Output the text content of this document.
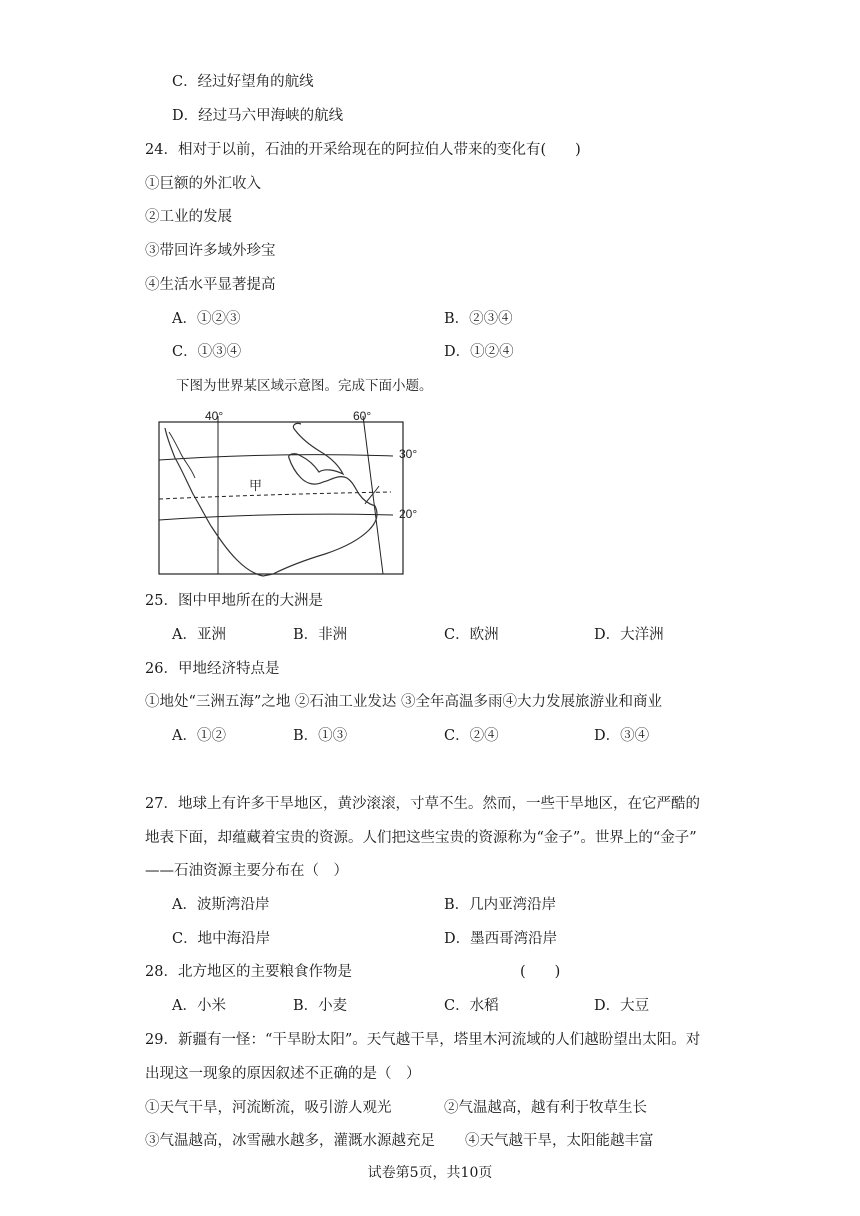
C．经过好望角的航线
D．经过马六甲海峡的航线
24．相对于以前，石油的开采给现在的阿拉伯人带来的变化有(　　)
①巨额的外汇收入
②工业的发展
③带回许多域外珍宝
④生活水平显著提高
A．①②③	B．②③④
C．①③④	D．①②④
下图为世界某区域示意图。完成下面小题。
40°	60°
30°
20°
甲
25．图中甲地所在的大洲是
A．亚洲	B．非洲	C．欧洲	D．大洋洲
26．甲地经济特点是
①地处“三洲五海”之地 ②石油工业发达 ③全年高温多雨④大力发展旅游业和商业
A．①②	B．①③	C．②④	D．③④
27．地球上有许多干旱地区，黄沙滚滚，寸草不生。然而，一些干旱地区，在它严酷的
地表下面，却蕴藏着宝贵的资源。人们把这些宝贵的资源称为“金子”。世界上的“金子”
——石油资源主要分布在（　）
A．波斯湾沿岸	B．几内亚湾沿岸
C．地中海沿岸	D．墨西哥湾沿岸
28．北方地区的主要粮食作物是	(　　)
A．小米	B．小麦	C．水稻	D．大豆
29．新疆有一怪：“干旱盼太阳”。天气越干旱，塔里木河流域的人们越盼望出太阳。对
出现这一现象的原因叙述不正确的是（　）
①天气干旱，河流断流，吸引游人观光	②气温越高，越有利于牧草生长
③气温越高，冰雪融水越多，灌溉水源越充足 ④天气越干旱，太阳能越丰富
试卷第5页，共10页
